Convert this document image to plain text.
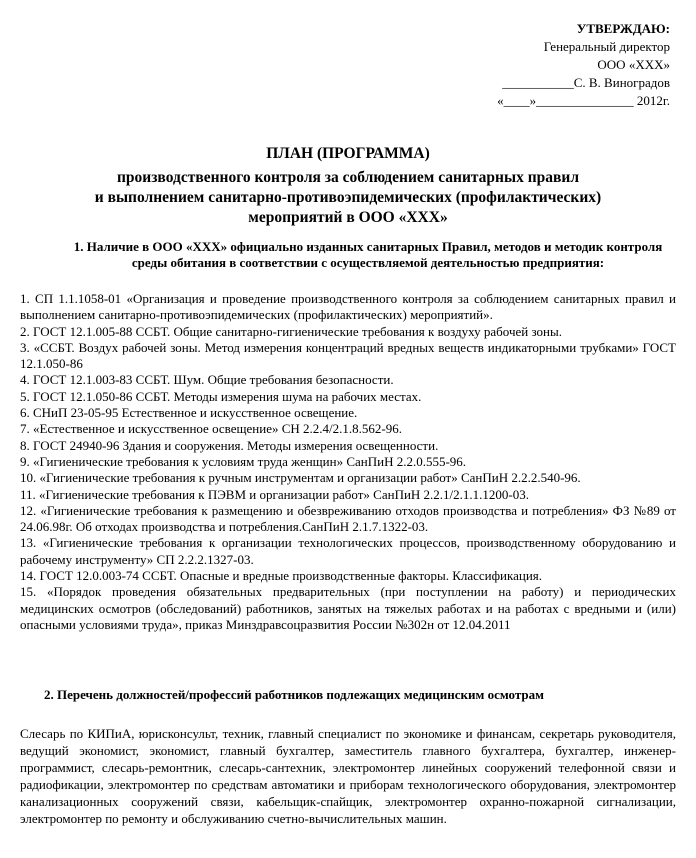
УТВЕРЖДАЮ:
Генеральный директор
ООО «ХХХ»
___________С. В. Виноградов
«____»_______________ 2012г.
ПЛАН (ПРОГРАММА)
производственного контроля за соблюдением санитарных правил
и выполнением санитарно-противоэпидемических (профилактических)
мероприятий в ООО «ХХХ»
1. Наличие в ООО «ХХХ» официально изданных санитарных Правил, методов и методик контроля среды обитания в соответствии с осуществляемой деятельностью предприятия:

1. СП 1.1.1058-01 «Организация и проведение производственного контроля за соблюдением санитарных правил и выполнением санитарно-противоэпидемических (профилактических) мероприятий».

2. ГОСТ 12.1.005-88 ССБТ. Общие санитарно-гигиенические требования к воздуху рабочей зоны.

3. «ССБТ. Воздух рабочей зоны. Метод измерения концентраций вредных веществ индикаторными трубками» ГОСТ 12.1.050-86

4. ГОСТ 12.1.003-83 ССБТ. Шум. Общие требования безопасности.

5. ГОСТ 12.1.050-86 ССБТ. Методы измерения шума на рабочих местах.

6. СНиП 23-05-95 Естественное и искусственное освещение.

7. «Естественное и искусственное освещение» СН 2.2.4/2.1.8.562-96.

8. ГОСТ 24940-96 Здания и сооружения. Методы измерения освещенности.

9. «Гигиенические требования к условиям труда женщин» СанПиН 2.2.0.555-96.

10. «Гигиенические требования к ручным инструментам и организации работ» СанПиН 2.2.2.540-96.

11. «Гигиенические требования к ПЭВМ и организации работ» СанПиН 2.2.1/2.1.1.1200-03.

12. «Гигиенические требования к размещению и обезвреживанию отходов производства и потребления» ФЗ №89 от 24.06.98г. Об отходах производства и потребления.СанПиН 2.1.7.1322-03.

13. «Гигиенические требования к организации технологических процессов, производственному оборудованию и рабочему инструменту» СП 2.2.2.1327-03.

14. ГОСТ 12.0.003-74 ССБТ. Опасные и вредные производственные факторы. Классификация.

15. «Порядок проведения обязательных предварительных (при поступлении на работу) и периодических медицинских осмотров (обследований) работников, занятых на тяжелых работах и на работах с вредными и (или) опасными условиями труда», приказ Минздравсоцразвития России №302н от 12.04.2011

2. Перечень должностей/профессий работников подлежащих медицинским осмотрам
Слесарь по КИПиА, юрисконсульт, техник, главный специалист по экономике и финансам, секретарь руководителя, ведущий экономист, экономист, главный бухгалтер, заместитель главного бухгалтера, бухгалтер, инженер-программист, слесарь-ремонтник, слесарь-сантехник, электромонтер линейных сооружений телефонной связи и радиофикации, электромонтер по средствам автоматики и приборам технологического оборудования, электромонтер канализационных сооружений связи, кабельщик-спайщик, электромонтер охранно-пожарной сигнализации, электромонтер по ремонту и обслуживанию счетно-вычислительных машин.
